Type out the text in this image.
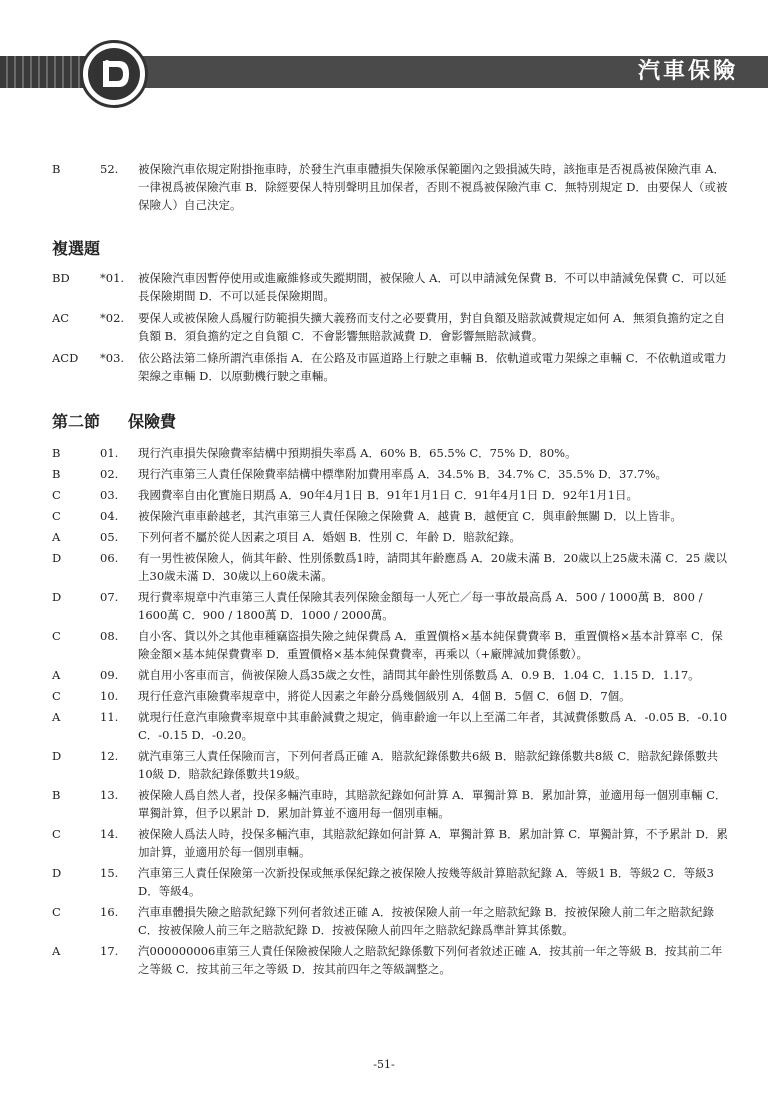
汽車保險
B	52.	被保險汽車依規定附掛拖車時，於發生汽車車體損失保險承保範圍內之毀損滅失時，該拖車是否視爲被保險汽車 A．一律視爲被保險汽車 B．除經要保人特別聲明且加保者，否則不視爲被保險汽車 C．無特別規定 D．由要保人（或被保險人）自己決定。
複選題
BD	*01.	被保險汽車因暫停使用或進廠維修或失蹤期間，被保險人 A．可以申請減免保費 B．不可以申請減免保費 C．可以延長保險期間 D．不可以延長保險期間。
AC	*02.	要保人或被保險人爲履行防範損失擴大義務而支付之必要費用，對自負額及賠款減費規定如何 A．無須負擔約定之自負額 B．須負擔約定之自負額 C．不會影響無賠款減費 D．會影響無賠款減費。
ACD	*03.	依公路法第二條所謂汽車係指 A．在公路及市區道路上行駛之車輛 B．依軌道或電力架線之車輛 C．不依軌道或電力架線之車輛 D．以原動機行駛之車輛。
第二節 保險費
B	01.	現行汽車損失保險費率結構中預期損失率爲 A．60% B．65.5% C．75% D．80%。
B	02.	現行汽車第三人責任保險費率結構中標準附加費用率爲 A．34.5% B．34.7% C．35.5% D．37.7%。
C	03.	我國費率自由化實施日期爲 A．90年4月1日 B．91年1月1日 C．91年4月1日 D．92年1月1日。
C	04.	被保險汽車車齡越老，其汽車第三人責任保險之保險費 A．越貴 B．越便宜 C．與車齡無關 D．以上皆非。
A	05.	下列何者不屬於從人因素之項目 A．婚姻 B．性別 C．年齡 D．賠款紀錄。
D	06.	有一男性被保險人，倘其年齡、性別係數爲1時，請問其年齡應爲 A．20歲未滿 B．20歲以上25歲未滿 C．25 歲以上30歲未滿 D．30歲以上60歲未滿。
D	07.	現行費率規章中汽車第三人責任保險其表列保險金額每一人死亡／每一事故最高爲 A．500 / 1000萬 B．800 / 1600萬 C．900 / 1800萬 D．1000 / 2000萬。
C	08.	自小客、貨以外之其他車種竊盜損失險之純保費爲 A．重置價格×基本純保費費率 B．重置價格×基本計算率 C．保險金額×基本純保費費率 D．重置價格×基本純保費費率，再乘以（+廠牌減加費係數）。
A	09.	就自用小客車而言，倘被保險人爲35歲之女性，請問其年齡性別係數爲 A．0.9 B．1.04 C．1.15 D．1.17。
C	10.	現行任意汽車險費率規章中，將從人因素之年齡分爲幾個級別 A．4個 B．5個 C．6個 D．7個。
A	11.	就現行任意汽車險費率規章中其車齡減費之規定，倘車齡逾一年以上至滿二年者，其減費係數爲 A．-0.05 B．-0.10 C．-0.15 D．-0.20。
D	12.	就汽車第三人責任保險而言，下列何者爲正確 A．賠款紀錄係數共6級 B．賠款紀錄係數共8級 C．賠款紀錄係數共10級 D．賠款紀錄係數共19級。
B	13.	被保險人爲自然人者，投保多輛汽車時，其賠款紀錄如何計算 A．單獨計算 B．累加計算，並適用每一個別車輛 C．單獨計算，但予以累計 D．累加計算並不適用每一個別車輛。
C	14.	被保險人爲法人時，投保多輛汽車，其賠款紀錄如何計算 A．單獨計算 B．累加計算 C．單獨計算，不予累計 D．累加計算，並適用於每一個別車輛。
D	15.	汽車第三人責任保險第一次新投保或無承保紀錄之被保險人按幾等級計算賠款紀錄 A．等級1 B．等級2 C．等級3 D．等級4。
C	16.	汽車車體損失險之賠款紀錄下列何者敘述正確 A．按被保險人前一年之賠款紀錄 B．按被保險人前二年之賠款紀錄 C．按被保險人前三年之賠款紀錄 D．按被保險人前四年之賠款紀錄爲準計算其係數。
A	17.	汽000000006車第三人責任保險被保險人之賠款紀錄係數下列何者敘述正確 A．按其前一年之等級 B．按其前二年之等級 C．按其前三年之等級 D．按其前四年之等級調整之。
-51-
